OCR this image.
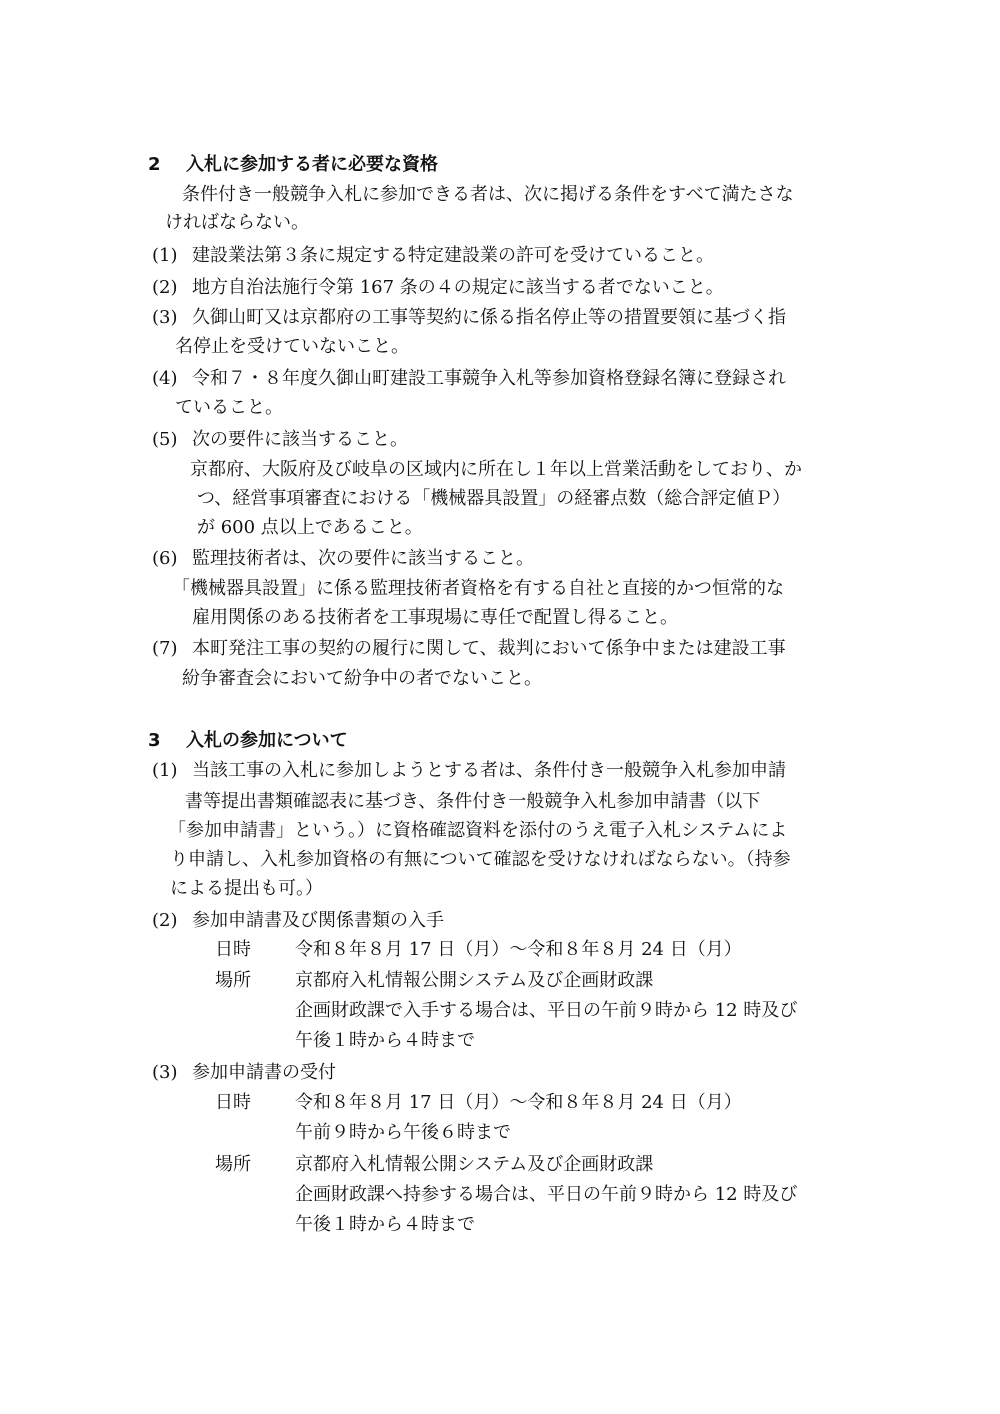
2 入札に参加する者に必要な資格
条件付き一般競争入札に参加できる者は、次に掲げる条件をすべて満たさな
ければならない。
(1) 建設業法第３条に規定する特定建設業の許可を受けていること。
(2) 地方自治法施行令第 167 条の４の規定に該当する者でないこと。
(3) 久御山町又は京都府の工事等契約に係る指名停止等の措置要領に基づく指
名停止を受けていないこと。
(4) 令和７・８年度久御山町建設工事競争入札等参加資格登録名簿に登録され
ていること。
(5) 次の要件に該当すること。
京都府、大阪府及び岐阜の区域内に所在し１年以上営業活動をしており、か
つ、経営事項審査における「機械器具設置」の経審点数（総合評定値Ｐ）
が 600 点以上であること。
(6) 監理技術者は、次の要件に該当すること。
「機械器具設置」に係る監理技術者資格を有する自社と直接的かつ恒常的な
雇用関係のある技術者を工事現場に専任で配置し得ること。
(7) 本町発注工事の契約の履行に関して、裁判において係争中または建設工事
紛争審査会において紛争中の者でないこと。
3 入札の参加について
(1) 当該工事の入札に参加しようとする者は、条件付き一般競争入札参加申請
書等提出書類確認表に基づき、条件付き一般競争入札参加申請書（以下
「参加申請書」という。）に資格確認資料を添付のうえ電子入札システムによ
り申請し、入札参加資格の有無について確認を受けなければならない。（持参
による提出も可。）
(2) 参加申請書及び関係書類の入手
日時 令和８年８月 17 日（月）～令和８年８月 24 日（月）
場所 京都府入札情報公開システム及び企画財政課
企画財政課で入手する場合は、平日の午前９時から 12 時及び
午後１時から４時まで
(3) 参加申請書の受付
日時 令和８年８月 17 日（月）～令和８年８月 24 日（月）
午前９時から午後６時まで
場所 京都府入札情報公開システム及び企画財政課
企画財政課へ持参する場合は、平日の午前９時から 12 時及び
午後１時から４時まで
